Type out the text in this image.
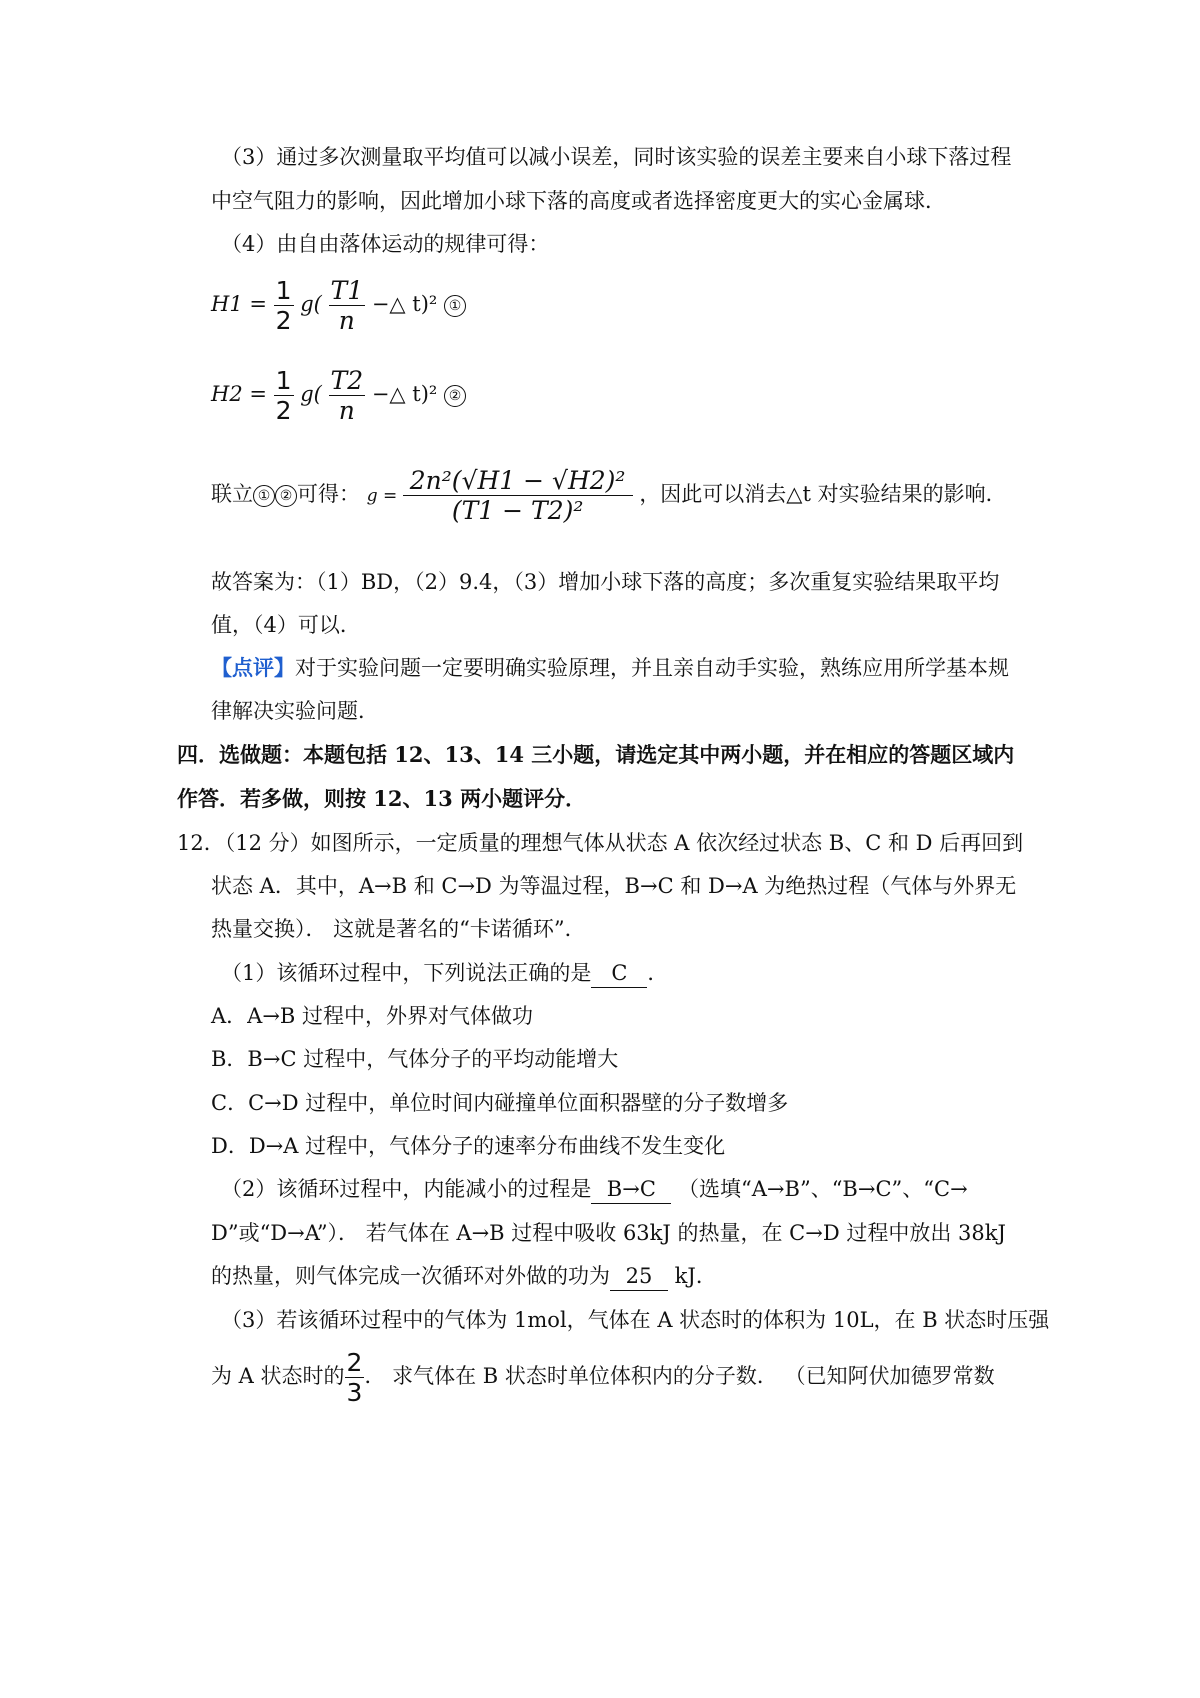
（3）通过多次测量取平均值可以减小误差，同时该实验的误差主要来自小球下落过程
中空气阻力的影响，因此增加小球下落的高度或者选择密度更大的实心金属球．
（4）由自由落体运动的规律可得：
$H1 = \frac{1}{2} g( \frac{T1}{n}$ −△ t)² ①
$H2 = \frac{1}{2} g( \frac{T2}{n}$ −△ t)² ②
联立 ① ② 可得： $g = \frac{\text{2n²(√H1 − √H2)²}}{\text{(T1 − T2)²}}$ ，因此可以消去△t 对实验结果的影响．
故答案为：（1）BD，（2）9.4，（3）增加小球下落的高度；多次重复实验结果取平均
值，（4）可以．
【点评】对于实验问题一定要明确实验原理，并且亲自动手实验，熟练应用所学基本规
律解决实验问题．
四．选做题：本题包括 12、13、14 三小题，请选定其中两小题，并在相应的答题区域内
作答．若多做，则按 12、13 两小题评分．
12．（12 分）如图所示，一定质量的理想气体从状态 A 依次经过状态 B、C 和 D 后再回到
状态 A．其中，A→B 和 C→D 为等温过程，B→C 和 D→A 为绝热过程（气体与外界无
热量交换）． 这就是著名的“卡诺循环”．
（1）该循环过程中，下列说法正确的是 C ．
A．A→B 过程中，外界对气体做功
B．B→C 过程中，气体分子的平均动能增大
C．C→D 过程中，单位时间内碰撞单位面积器壁的分子数增多
D．D→A 过程中，气体分子的速率分布曲线不发生变化
（2）该循环过程中，内能减小的过程是 B→C （选填“A→B”、“B→C”、“C→
D”或“D→A”）． 若气体在 A→B 过程中吸收 63kJ 的热量，在 C→D 过程中放出 38kJ
的热量，则气体完成一次循环对外做的功为 25 kJ．
（3）若该循环过程中的气体为 1mol，气体在 A 状态时的体积为 10L，在 B 状态时压强
为 A 状态时的 $\frac{2}{3}$ ． 求气体在 B 状态时单位体积内的分子数． （已知阿伏加德罗常数
